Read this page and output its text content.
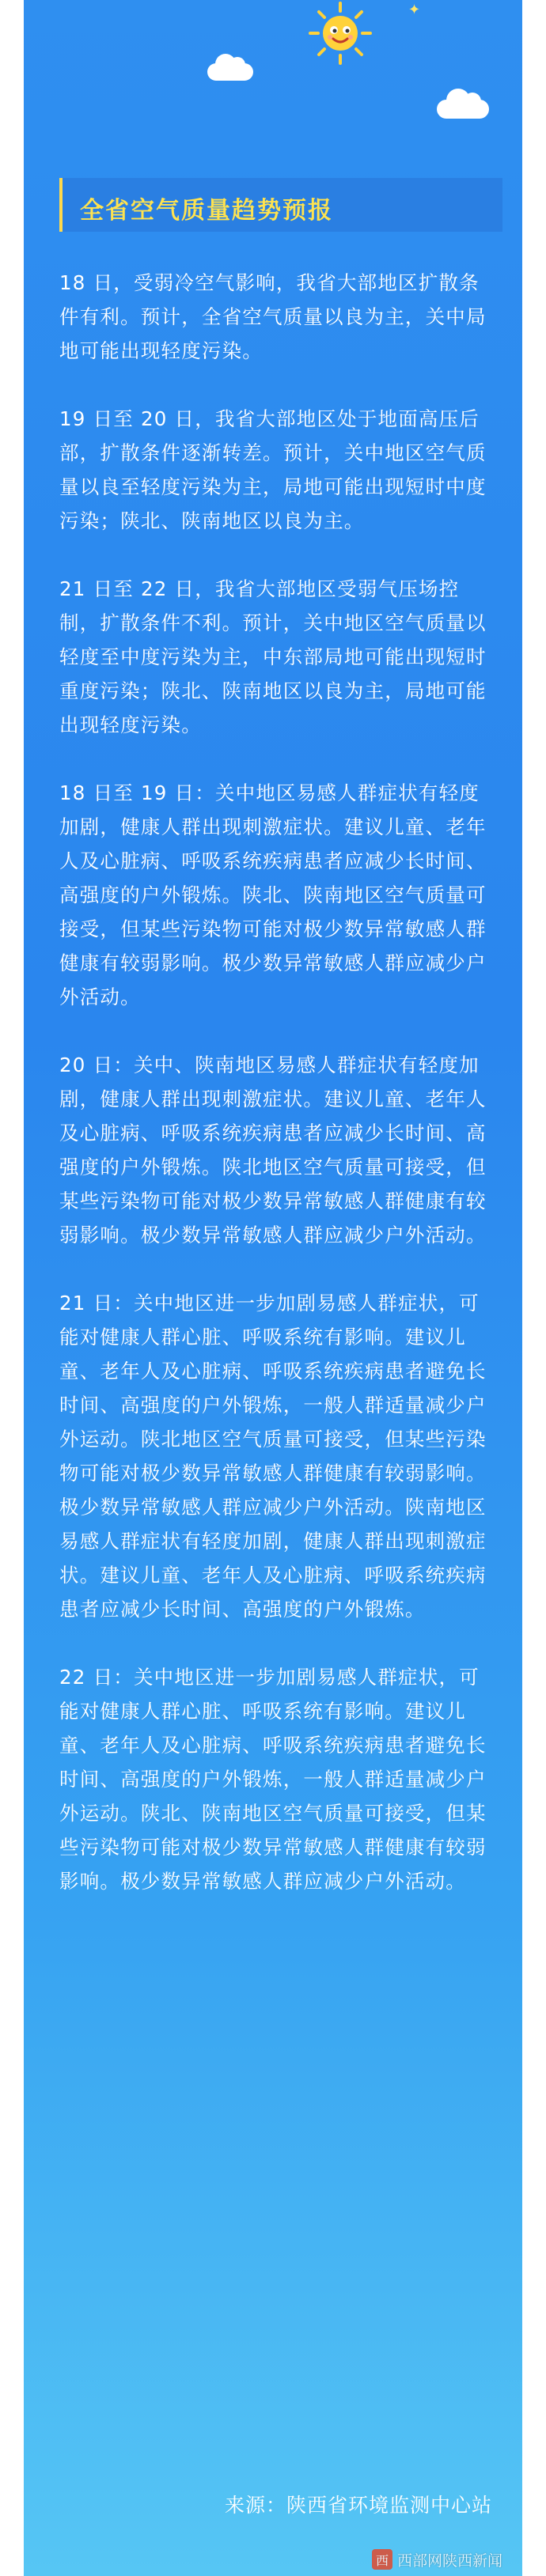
✦
全省空气质量趋势预报

18 日，受弱冷空气影响，我省大部地区扩散条件有利。预计，全省空气质量以良为主，关中局地可能出现轻度污染。

19 日至 20 日，我省大部地区处于地面高压后部，扩散条件逐渐转差。预计，关中地区空气质量以良至轻度污染为主，局地可能出现短时中度污染；陕北、陕南地区以良为主。

21 日至 22 日，我省大部地区受弱气压场控制，扩散条件不利。预计，关中地区空气质量以轻度至中度污染为主，中东部局地可能出现短时重度污染；陕北、陕南地区以良为主，局地可能出现轻度污染。

18 日至 19 日：关中地区易感人群症状有轻度加剧，健康人群出现刺激症状。建议儿童、老年人及心脏病、呼吸系统疾病患者应减少长时间、高强度的户外锻炼。陕北、陕南地区空气质量可接受，但某些污染物可能对极少数异常敏感人群健康有较弱影响。极少数异常敏感人群应减少户外活动。

20 日：关中、陕南地区易感人群症状有轻度加剧，健康人群出现刺激症状。建议儿童、老年人及心脏病、呼吸系统疾病患者应减少长时间、高强度的户外锻炼。陕北地区空气质量可接受，但某些污染物可能对极少数异常敏感人群健康有较弱影响。极少数异常敏感人群应减少户外活动。

21 日：关中地区进一步加剧易感人群症状，可能对健康人群心脏、呼吸系统有影响。建议儿童、老年人及心脏病、呼吸系统疾病患者避免长时间、高强度的户外锻炼，一般人群适量减少户外运动。陕北地区空气质量可接受，但某些污染物可能对极少数异常敏感人群健康有较弱影响。极少数异常敏感人群应减少户外活动。陕南地区易感人群症状有轻度加剧，健康人群出现刺激症状。建议儿童、老年人及心脏病、呼吸系统疾病患者应减少长时间、高强度的户外锻炼。

22 日：关中地区进一步加剧易感人群症状，可能对健康人群心脏、呼吸系统有影响。建议儿童、老年人及心脏病、呼吸系统疾病患者避免长时间、高强度的户外锻炼，一般人群适量减少户外运动。陕北、陕南地区空气质量可接受，但某些污染物可能对极少数异常敏感人群健康有较弱影响。极少数异常敏感人群应减少户外活动。

来源：陕西省环境监测中心站
西 西部网陕西新闻
